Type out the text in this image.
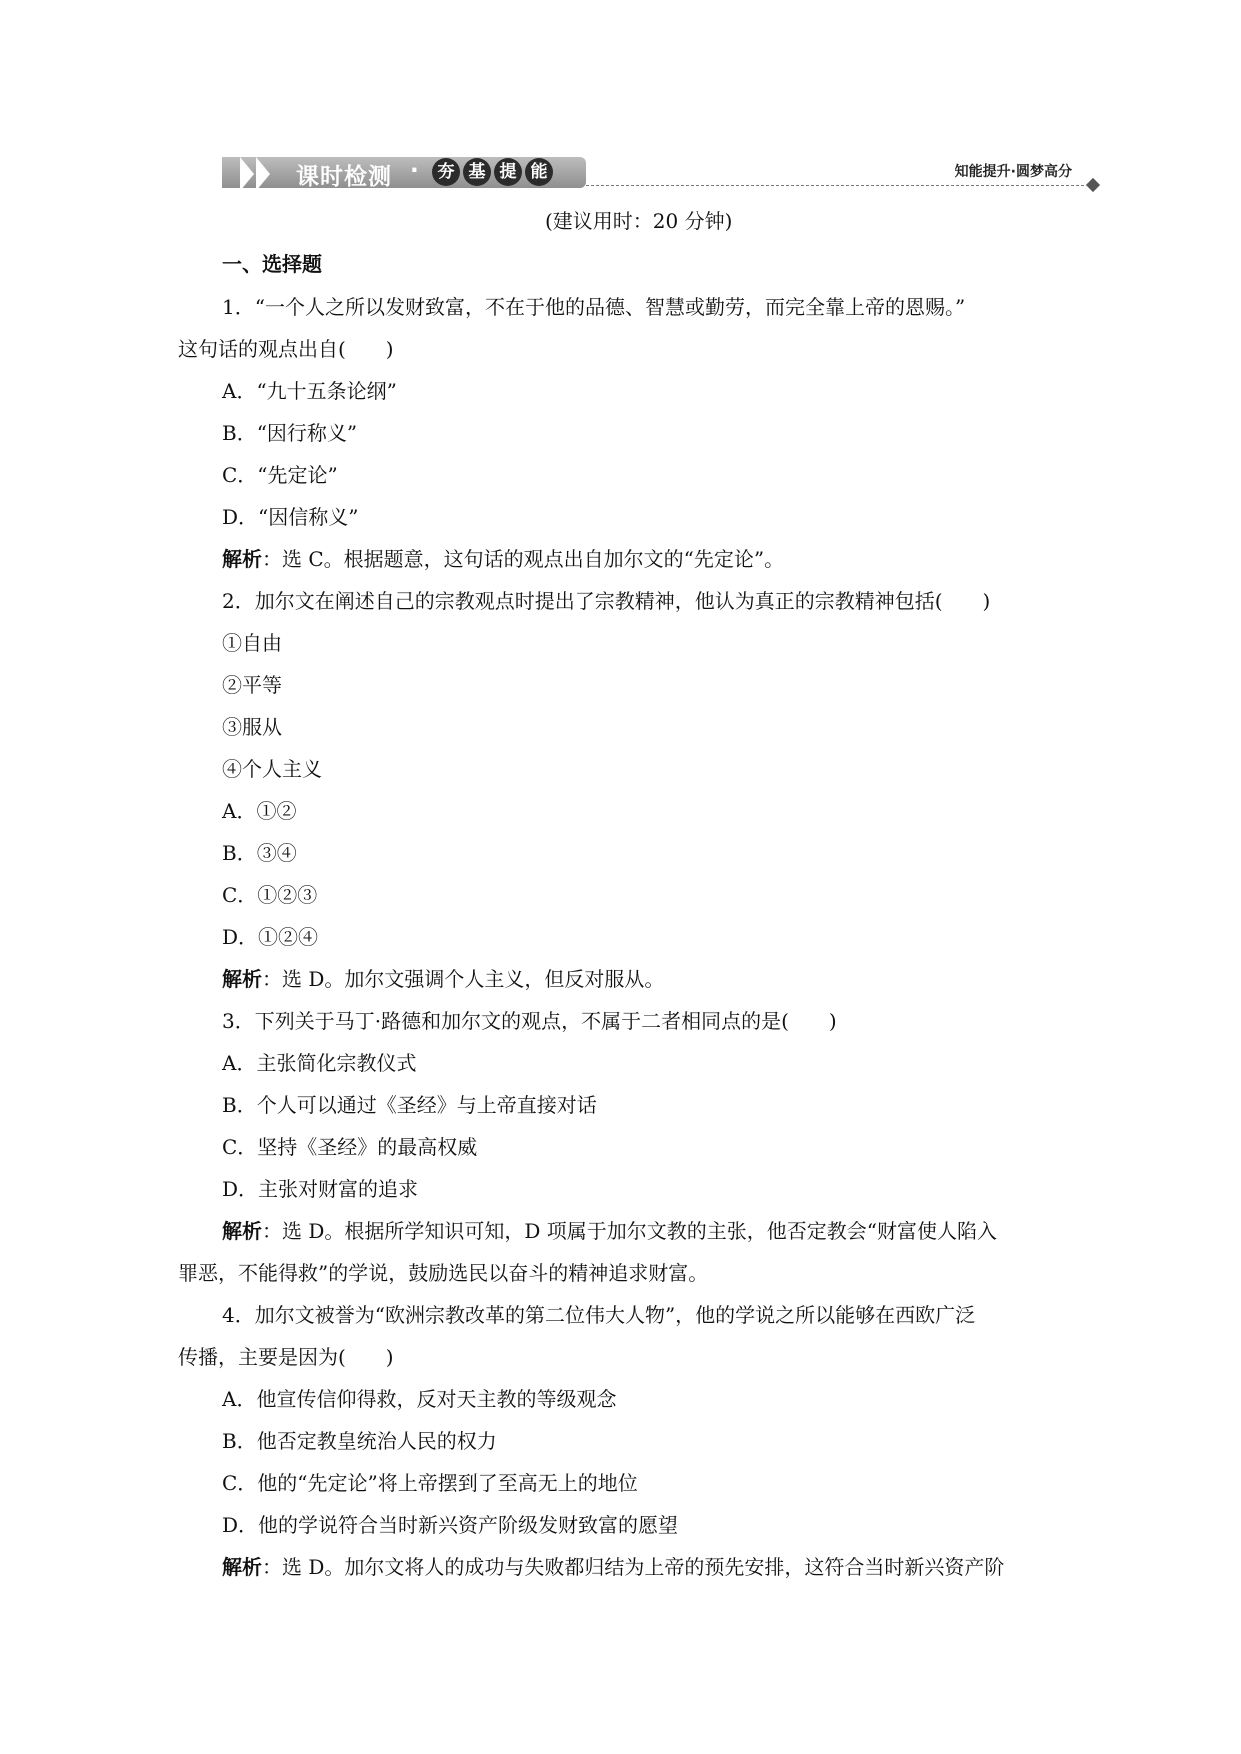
课时检测 ·	夯 基 提 能	知能提升·圆梦高分
(建议用时：20 分钟)
一、选择题
1．“一个人之所以发财致富，不在于他的品德、智慧或勤劳，而完全靠上帝的恩赐。”
这句话的观点出自(　　)
A．“九十五条论纲”
B．“因行称义”
C．“先定论”
D．“因信称义”
解析：选 C。根据题意，这句话的观点出自加尔文的“先定论”。
2．加尔文在阐述自己的宗教观点时提出了宗教精神，他认为真正的宗教精神包括(　　)
①自由
②平等
③服从
④个人主义
A．①②
B．③④
C．①②③
D．①②④
解析：选 D。加尔文强调个人主义，但反对服从。
3．下列关于马丁·路德和加尔文的观点，不属于二者相同点的是(　　)
A．主张简化宗教仪式
B．个人可以通过《圣经》与上帝直接对话
C．坚持《圣经》的最高权威
D．主张对财富的追求
解析：选 D。根据所学知识可知，D 项属于加尔文教的主张，他否定教会“财富使人陷入
罪恶，不能得救”的学说，鼓励选民以奋斗的精神追求财富。
4．加尔文被誉为“欧洲宗教改革的第二位伟大人物”，他的学说之所以能够在西欧广泛
传播，主要是因为(　　)
A．他宣传信仰得救，反对天主教的等级观念
B．他否定教皇统治人民的权力
C．他的“先定论”将上帝摆到了至高无上的地位
D．他的学说符合当时新兴资产阶级发财致富的愿望
解析：选 D。加尔文将人的成功与失败都归结为上帝的预先安排，这符合当时新兴资产阶
